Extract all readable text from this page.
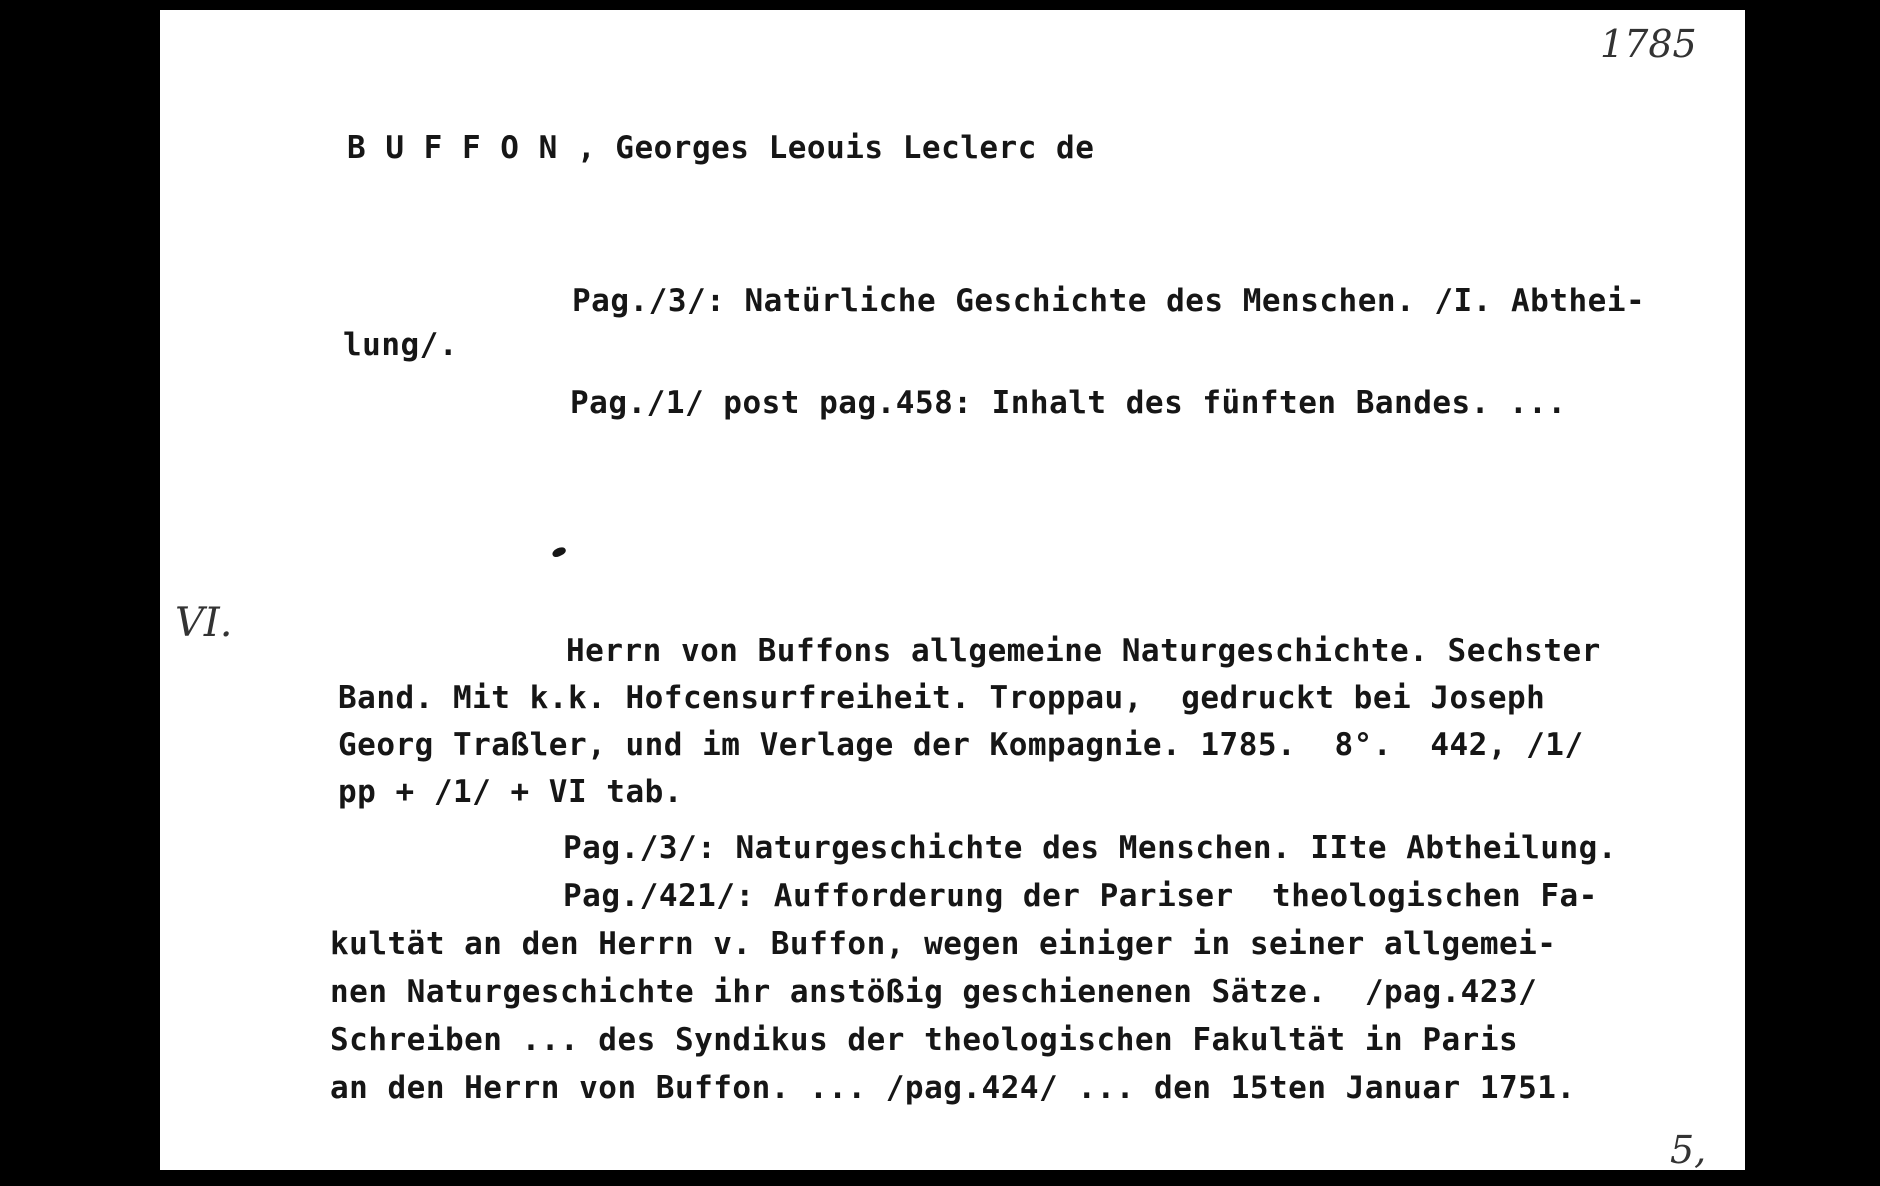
1785
B U F F O N , Georges Leouis Leclerc de
Pag./3/: Natürliche Geschichte des Menschen. /I. Abthei-
lung/.
Pag./1/ post pag.458: Inhalt des fünften Bandes. ...
VI.
Herrn von Buffons allgemeine Naturgeschichte. Sechster
Band. Mit k.k. Hofcensurfreiheit. Troppau,  gedruckt bei Joseph
Georg Traßler, und im Verlage der Kompagnie. 1785.  8°.  442, /1/
pp + /1/ + VI tab.
Pag./3/: Naturgeschichte des Menschen. IIte Abtheilung.
Pag./421/: Aufforderung der Pariser  theologischen Fa-
kultät an den Herrn v. Buffon, wegen einiger in seiner allgemei-
nen Naturgeschichte ihr anstößig geschienenen Sätze.  /pag.423/
Schreiben ... des Syndikus der theologischen Fakultät in Paris
an den Herrn von Buffon. ... /pag.424/ ... den 15ten Januar 1751.
5,
